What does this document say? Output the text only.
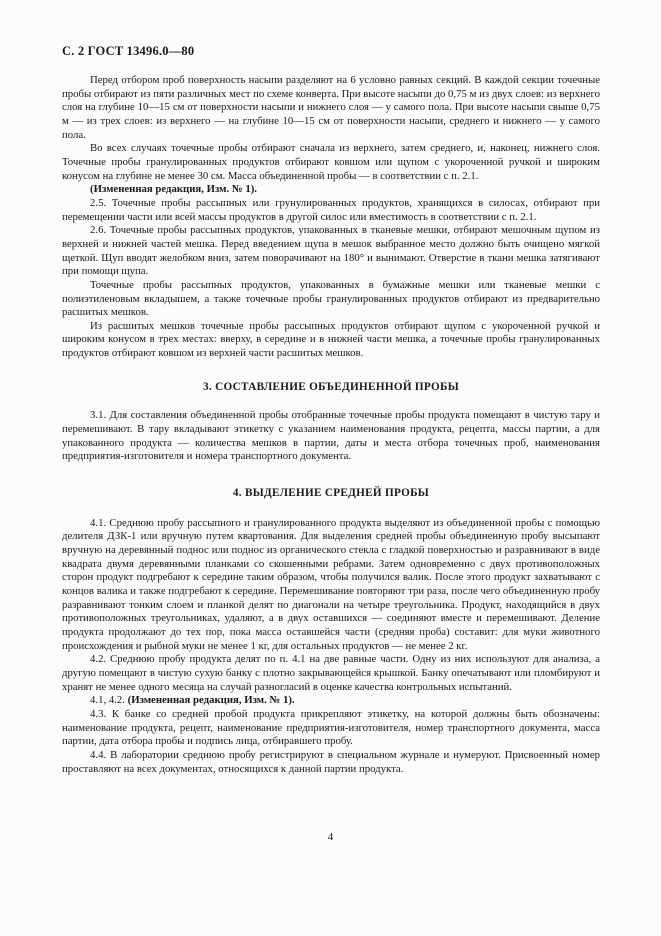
С. 2 ГОСТ 13496.0—80

Перед отбором проб поверхность насыпи разделяют на 6 условно равных секций. В каждой секции точечные пробы отбирают из пяти различных мест по схеме конверта. При высоте насыпи до 0,75 м из двух слоев: из верхнего слоя на глубине 10—15 см от поверхности насыпи и нижнего слоя — у самого пола. При высоте насыпи свыше 0,75 м — из трех слоев: из верхнего — на глубине 10—15 см от поверхности насыпи, среднего и нижнего — у самого пола.

Во всех случаях точечные пробы отбирают сначала из верхнего, затем среднего, и, наконец, нижнего слоя. Точечные пробы гранулированных продуктов отбирают ковшом или щупом с укороченной ручкой и широким конусом на глубине не менее 30 см. Масса объединенной пробы — в соответствии с п. 2.1.

(Измененная редакция, Изм. № 1).

2.5. Точечные пробы рассыпных или грунулированных продуктов, хранящихся в силосах, отбирают при перемещении части или всей массы продуктов в другой силос или вместимость в соответствии с п. 2.1.

2.6. Точечные пробы рассыпных продуктов, упакованных в тканевые мешки, отбирают мешочным щупом из верхней и нижней частей мешка. Перед введением щупа в мешок выбранное место должно быть очищено мягкой щеткой. Щуп вводят желобком вниз, затем поворачивают на 180° и вынимают. Отверстие в ткани мешка затягивают при помощи щупа.

Точечные пробы рассыпных продуктов, упакованных в бумажные мешки или тканевые мешки с полиэтиленовым вкладышем, а также точечные пробы гранулированных продуктов отбирают из предварительно расшитых мешков.

Из расшитых мешков точечные пробы рассыпных продуктов отбирают щупом с укороченной ручкой и широким конусом в трех местах: вверху, в середине и в нижней части мешка, а точечные пробы гранулированных продуктов отбирают ковшом из верхней части расшитых мешков.

3. СОСТАВЛЕНИЕ ОБЪЕДИНЕННОЙ ПРОБЫ

3.1. Для составления объединенной пробы отобранные точечные пробы продукта помещают в чистую тару и перемешивают. В тару вкладывают этикетку с указанием наименования продукта, рецепта, массы партии, а для упакованного продукта — количества мешков в партии, даты и места отбора точечных проб, наименования предприятия-изготовителя и номера транспортного документа.

4. ВЫДЕЛЕНИЕ СРЕДНЕЙ ПРОБЫ

4.1. Среднюю пробу рассыпного и гранулированного продукта выделяют из объединенной пробы с помощью делителя ДЗК-1 или вручную путем квартования. Для выделения средней пробы объединенную пробу высыпают вручную на деревянный поднос или поднос из органического стекла с гладкой поверхностью и разравнивают в виде квадрата двумя деревянными планками со скошенными ребрами. Затем одновременно с двух противоположных сторон продукт подгребают к середине таким образом, чтобы получился валик. После этого продукт захватывают с концов валика и также подгребают к середине. Перемешивание повторяют три раза, после чего объединенную пробу разравнивают тонким слоем и планкой делят по диагонали на четыре треугольника. Продукт, находящийся в двух противоположных треугольниках, удаляют, а в двух оставшихся — соединяют вместе и перемешивают. Деление продукта продолжают до тех пор, пока масса оставшейся части (средняя проба) составит: для муки животного происхождения и рыбной муки не менее 1 кг, для остальных продуктов — не менее 2 кг.

4.2. Среднюю пробу продукта делят по п. 4.1 на две равные части. Одну из них используют для анализа, а другую помещают в чистую сухую банку с плотно закрывающейся крышкой. Банку опечатывают или пломбируют и хранят не менее одного месяца на случай разногласий в оценке качества контрольных испытаний.

4.1, 4.2. (Измененная редакция, Изм. № 1).

4.3. К банке со средней пробой продукта прикрепляют этикетку, на которой должны быть обозначены: наименование продукта, рецепт, наименование предприятия-изготовителя, номер транспортного документа, масса партии, дата отбора пробы и подпись лица, отбиравшего пробу.

4.4. В лаборатории среднюю пробу регистрируют в специальном журнале и нумеруют. Присвоенный номер проставляют на всех документах, относящихся к данной партии продукта.

4
